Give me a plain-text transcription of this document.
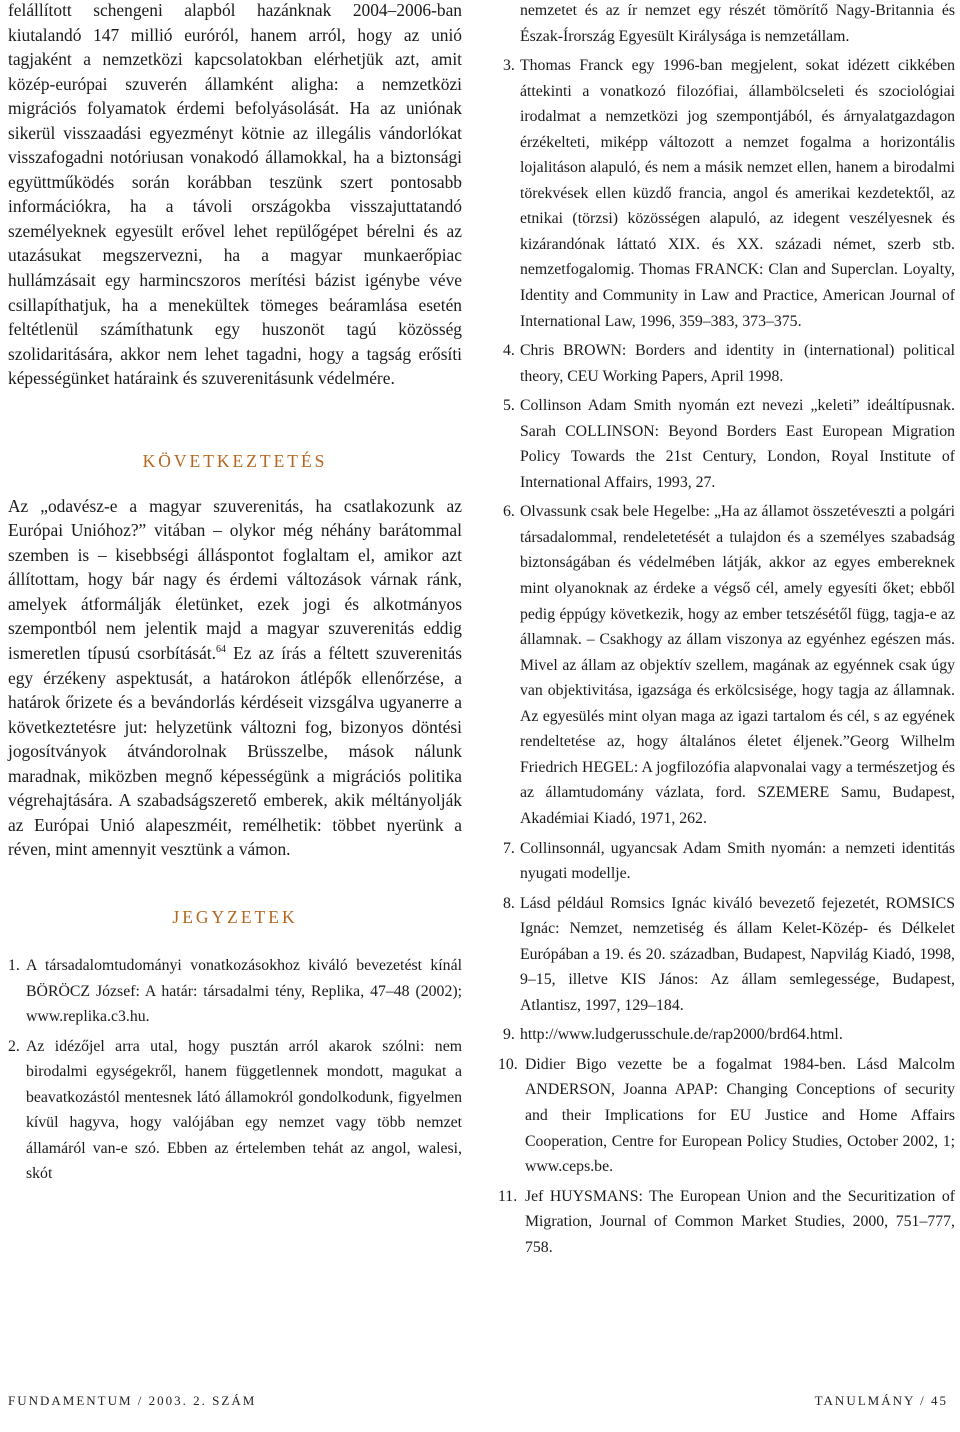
felállított schengeni alapból hazánknak 2004–2006-ban kiutalandó 147 millió euróról, hanem arról, hogy az unió tagjaként a nemzetközi kapcsolatokban elérhetjük azt, amit közép-európai szuverén államként aligha: a nemzetközi migrációs folyamatok érdemi befolyásolását. Ha az uniónak sikerül visszaadási egyezményt kötnie az illegális vándorlókat visszafogadni notóriusan vonakodó államokkal, ha a biztonsági együttműködés során korábban teszünk szert pontosabb információkra, ha a távoli országokba visszajuttatandó személyeknek egyesült erővel lehet repülőgépet bérelni és az utazásukat megszervezni, ha a magyar munkaerőpiac hullámzásait egy harmincszoros merítési bázist igénybe véve csillapíthatjuk, ha a menekültek tömeges beáramlása esetén feltétlenül számíthatunk egy huszonöt tagú közösség szolidaritására, akkor nem lehet tagadni, hogy a tagság erősíti képességünket határaink és szuverenitásunk védelmére.

KÖVETKEZTETÉS

Az „odavész-e a magyar szuverenitás, ha csatlakozunk az Európai Unióhoz?” vitában – olykor még néhány barátommal szemben is – kisebbségi álláspontot foglaltam el, amikor azt állítottam, hogy bár nagy és érdemi változások várnak ránk, amelyek átformálják életünket, ezek jogi és alkotmányos szempontból nem jelentik majd a magyar szuverenitás eddig ismeretlen típusú csorbítását.$^{64}$ Ez az írás a féltett szuverenitás egy érzékeny aspektusát, a határokon átlépők ellenőrzése, a határok őrizete és a bevándorlás kérdéseit vizsgálva ugyanerre a következtetésre jut: helyzetünk változni fog, bizonyos döntési jogosítványok átvándorolnak Brüsszelbe, mások nálunk maradnak, miközben megnő képességünk a migrációs politika végrehajtására. A szabadságszerető emberek, akik méltányolják az Európai Unió alapeszméit, remélhetik: többet nyerünk a réven, mint amennyit vesztünk a vámon.

JEGYZETEK
1. A társadalomtudományi vonatkozásokhoz kiváló bevezetést kínál BÖRÖCZ József: A határ: társadalmi tény, Replika, 47–48 (2002); www.replika.c3.hu.
2. Az idézőjel arra utal, hogy pusztán arról akarok szólni: nem birodalmi egységekről, hanem függetlennek mondott, magukat a beavatkozástól mentesnek látó államokról gondolkodunk, figyelmen kívül hagyva, hogy valójában egy nemzet vagy több nemzet államáról van-e szó. Ebben az értelemben tehát az angol, walesi, skót

nemzetet és az ír nemzet egy részét tömörítő Nagy-Britannia és Észak-Írország Egyesült Királysága is nemzetállam.

3. Thomas Franck egy 1996-ban megjelent, sokat idézett cikkében áttekinti a vonatkozó filozófiai, állambölcseleti és szociológiai irodalmat a nemzetközi jog szempontjából, és árnyalatgazdagon érzékelteti, miképp változott a nemzet fogalma a horizontális lojalitáson alapuló, és nem a másik nemzet ellen, hanem a birodalmi törekvések ellen küzdő francia, angol és amerikai kezdetektől, az etnikai (törzsi) közösségen alapuló, az idegent veszélyesnek és kizárandónak láttató XIX. és XX. századi német, szerb stb. nemzetfogalomig. Thomas FRANCK: Clan and Superclan. Loyalty, Identity and Community in Law and Practice, American Journal of International Law, 1996, 359–383, 373–375.
4. Chris BROWN: Borders and identity in (international) political theory, CEU Working Papers, April 1998.
5. Collinson Adam Smith nyomán ezt nevezi „keleti” ideáltípusnak. Sarah COLLINSON: Beyond Borders East European Migration Policy Towards the 21st Century, London, Royal Institute of International Affairs, 1993, 27.
6. Olvassunk csak bele Hegelbe: „Ha az államot összetéveszti a polgári társadalommal, rendeletetését a tulajdon és a személyes szabadság biztonságában és védelmében látják, akkor az egyes embereknek mint olyanoknak az érdeke a végső cél, amely egyesíti őket; ebből pedig éppúgy következik, hogy az ember tetszésétől függ, tagja-e az államnak. – Csakhogy az állam viszonya az egyénhez egészen más. Mivel az állam az objektív szellem, magának az egyénnek csak úgy van objektivitása, igazsága és erkölcsisége, hogy tagja az államnak. Az egyesülés mint olyan maga az igazi tartalom és cél, s az egyének rendeltetése az, hogy általános életet éljenek.”Georg Wilhelm Friedrich HEGEL: A jogfilozófia alapvonalai vagy a természetjog és az államtudomány vázlata, ford. SZEMERE Samu, Budapest, Akadémiai Kiadó, 1971, 262.
7. Collinsonnál, ugyancsak Adam Smith nyomán: a nemzeti identitás nyugati modellje.
8. Lásd például Romsics Ignác kiváló bevezető fejezetét, ROMSICS Ignác: Nemzet, nemzetiség és állam Kelet-Közép- és Délkelet Európában a 19. és 20. században, Budapest, Napvilág Kiadó, 1998, 9–15, illetve KIS János: Az állam semlegessége, Budapest, Atlantisz, 1997, 129–184.
9. http://www.ludgerusschule.de/rap2000/brd64.html.
10. Didier Bigo vezette be a fogalmat 1984-ben. Lásd Malcolm ANDERSON, Joanna APAP: Changing Conceptions of security and their Implications for EU Justice and Home Affairs Cooperation, Centre for European Policy Studies, October 2002, 1; www.ceps.be.
11. Jef HUYSMANS: The European Union and the Securitization of Migration, Journal of Common Market Studies, 2000, 751–777, 758.
FUNDAMENTUM / 2003. 2. SZÁM	TANULMÁNY / 45
